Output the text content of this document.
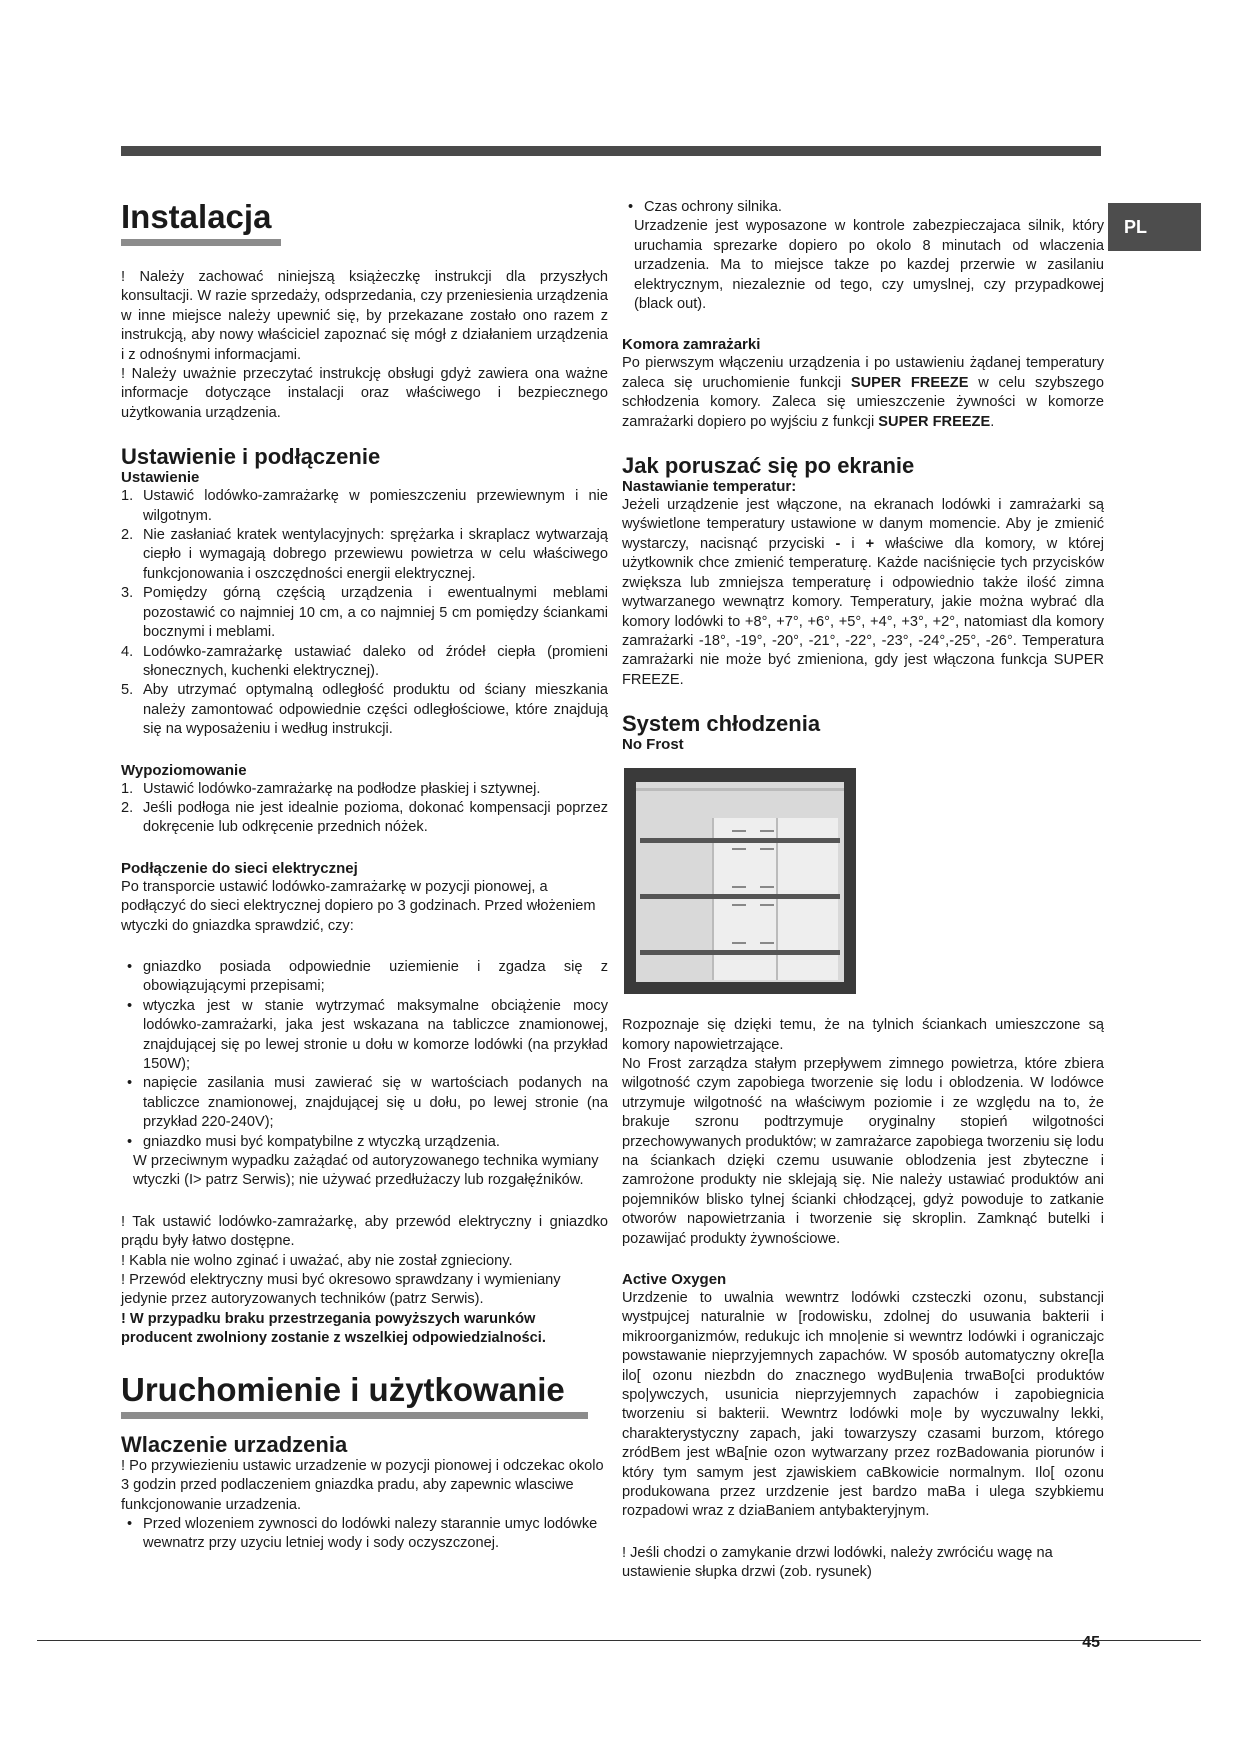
PL
Instalacja

! Należy zachować niniejszą książeczkę instrukcji dla przyszłych konsultacji. W razie sprzedaży, odsprzedania, czy przeniesienia urządzenia w inne miejsce należy upewnić się, by przekazane zostało ono razem z instrukcją, aby nowy właściciel zapoznać się mógł z działaniem urządzenia i z odnośnymi informacjami.

! Należy uważnie przeczytać instrukcję obsługi gdyż zawiera ona ważne informacje dotyczące instalacji oraz właściwego i bezpiecznego użytkowania urządzenia.

Ustawienie i podłączenie
Ustawienie
1. Ustawić lodówko-zamrażarkę w pomieszczeniu przewiewnym i nie wilgotnym.
2. Nie zasłaniać kratek wentylacyjnych: sprężarka i skraplacz wytwarzają ciepło i wymagają dobrego przewiewu powietrza w celu właściwego funkcjonowania i oszczędności energii elektrycznej.
3. Pomiędzy górną częścią urządzenia i ewentualnymi meblami pozostawić co najmniej 10 cm, a co najmniej 5 cm pomiędzy ściankami bocznymi i meblami.
4. Lodówko-zamrażarkę ustawiać daleko od źródeł ciepła (promieni słonecznych, kuchenki elektrycznej).
5. Aby utrzymać optymalną odległość produktu od ściany mieszkania należy zamontować odpowiednie części odległościowe, które znajdują się na wyposażeniu i według instrukcji.
Wypoziomowanie
1. Ustawić lodówko-zamrażarkę na podłodze płaskiej i sztywnej.
2. Jeśli podłoga nie jest idealnie pozioma, dokonać kompensacji poprzez dokręcenie lub odkręcenie przednich nóżek.
Podłączenie do sieci elektrycznej

Po transporcie ustawić lodówko-zamrażarkę w pozycji pionowej, a podłączyć do sieci elektrycznej dopiero po 3 godzinach. Przed włożeniem wtyczki do gniazdka sprawdzić, czy:

• gniazdko posiada odpowiednie uziemienie i zgadza się z obowiązującymi przepisami;
• wtyczka jest w stanie wytrzymać maksymalne obciążenie mocy lodówko-zamrażarki, jaka jest wskazana na tabliczce znamionowej, znajdującej się po lewej stronie u dołu w komorze lodówki (na przykład 150W);
• napięcie zasilania musi zawierać się w wartościach podanych na tabliczce znamionowej, znajdującej się u dołu, po lewej stronie (na przykład 220-240V);
• gniazdko musi być kompatybilne z wtyczką urządzenia.

W przeciwnym wypadku zażądać od autoryzowanego technika wymiany wtyczki (I> patrz Serwis); nie używać przedłużaczy lub rozgałęźników.

! Tak ustawić lodówko-zamrażarkę, aby przewód elektryczny i gniazdko prądu były łatwo dostępne.

! Kabla nie wolno zginać i uważać, aby nie został zgnieciony.

! Przewód elektryczny musi być okresowo sprawdzany i wymieniany jedynie przez autoryzowanych techników (patrz Serwis).

! W przypadku braku przestrzegania powyższych warunków producent zwolniony zostanie z wszelkiej odpowiedzialności.

Uruchomienie i użytkowanie
Wlaczenie urzadzenia

! Po przywiezieniu ustawic urzadzenie w pozycji pionowej i odczekac okolo 3 godzin przed podlaczeniem gniazdka pradu, aby zapewnic wlasciwe funkcjonowanie urzadzenia.

• Przed wlozeniem zywnosci do lodówki nalezy starannie umyc lodówke wewnatrz przy uzyciu letniej wody i sody oczyszczonej.
• Czas ochrony silnika.

Urzadzenie jest wyposazone w kontrole zabezpieczajaca silnik, który uruchamia sprezarke dopiero po okolo 8 minutach od wlaczenia urzadzenia. Ma to miejsce takze po kazdej przerwie w zasilaniu elektrycznym, niezaleznie od tego, czy umyslnej, czy przypadkowej (black out).

Komora zamrażarki

Po pierwszym włączeniu urządzenia i po ustawieniu żądanej temperatury zaleca się uruchomienie funkcji SUPER FREEZE w celu szybszego schłodzenia komory. Zaleca się umieszczenie żywności w komorze zamrażarki dopiero po wyjściu z funkcji SUPER FREEZE.

Jak poruszać się po ekranie
Nastawianie temperatur:

Jeżeli urządzenie jest włączone, na ekranach lodówki i zamrażarki są wyświetlone temperatury ustawione w danym momencie. Aby je zmienić wystarczy, nacisnąć przyciski - i + właściwe dla komory, w której użytkownik chce zmienić temperaturę. Każde naciśnięcie tych przycisków zwiększa lub zmniejsza temperaturę i odpowiednio także ilość zimna wytwarzanego wewnątrz komory. Temperatury, jakie można wybrać dla komory lodówki to +8°, +7°, +6°, +5°, +4°, +3°, +2°, natomiast dla komory zamrażarki -18°, -19°, -20°, -21°, -22°, -23°, -24°,-25°, -26°. Temperatura zamrażarki nie może być zmieniona, gdy jest włączona funkcja SUPER FREEZE.

System chłodzenia
No Frost

Rozpoznaje się dzięki temu, że na tylnich ściankach umieszczone są komory napowietrzające.

No Frost zarządza stałym przepływem zimnego powietrza, które zbiera wilgotność czym zapobiega tworzenie się lodu i oblodzenia. W lodówce utrzymuje wilgotność na właściwym poziomie i ze względu na to, że brakuje szronu podtrzymuje oryginalny stopień wilgotności przechowywanych produktów; w zamrażarce zapobiega tworzeniu się lodu na ściankach dzięki czemu usuwanie oblodzenia jest zbyteczne i zamrożone produkty nie sklejają się. Nie należy ustawiać produktów ani pojemników blisko tylnej ścianki chłodzącej, gdyż powoduje to zatkanie otworów napowietrzania i tworzenie się skroplin. Zamknąć butelki i pozawijać produkty żywnościowe.

Active Oxygen

Urzdzenie to uwalnia wewntrz lodówki czsteczki ozonu, substancji wystpujcej naturalnie w [rodowisku, zdolnej do usuwania bakterii i mikroorganizmów, redukujc ich mno|enie si wewntrz lodówki i ograniczajc powstawanie nieprzyjemnych zapachów. W sposób automatyczny okre[la ilo[ ozonu niezbdn do znacznego wydBu|enia trwaBo[ci produktów spo|ywczych, usunicia nieprzyjemnych zapachów i zapobiegnicia tworzeniu si bakterii. Wewntrz lodówki mo|e by wyczuwalny lekki, charakterystyczny zapach, jaki towarzyszy czasami burzom, którego zródBem jest wBa[nie ozon wytwarzany przez rozBadowania piorunów i który tym samym jest zjawiskiem caBkowicie normalnym. Ilo[ ozonu produkowana przez urzdzenie jest bardzo maBa i ulega szybkiemu rozpadowi wraz z dziaBaniem antybakteryjnym.

! Jeśli chodzi o zamykanie drzwi lodówki, należy zwróciću wagę na ustawienie słupka drzwi (zob. rysunek)

45
